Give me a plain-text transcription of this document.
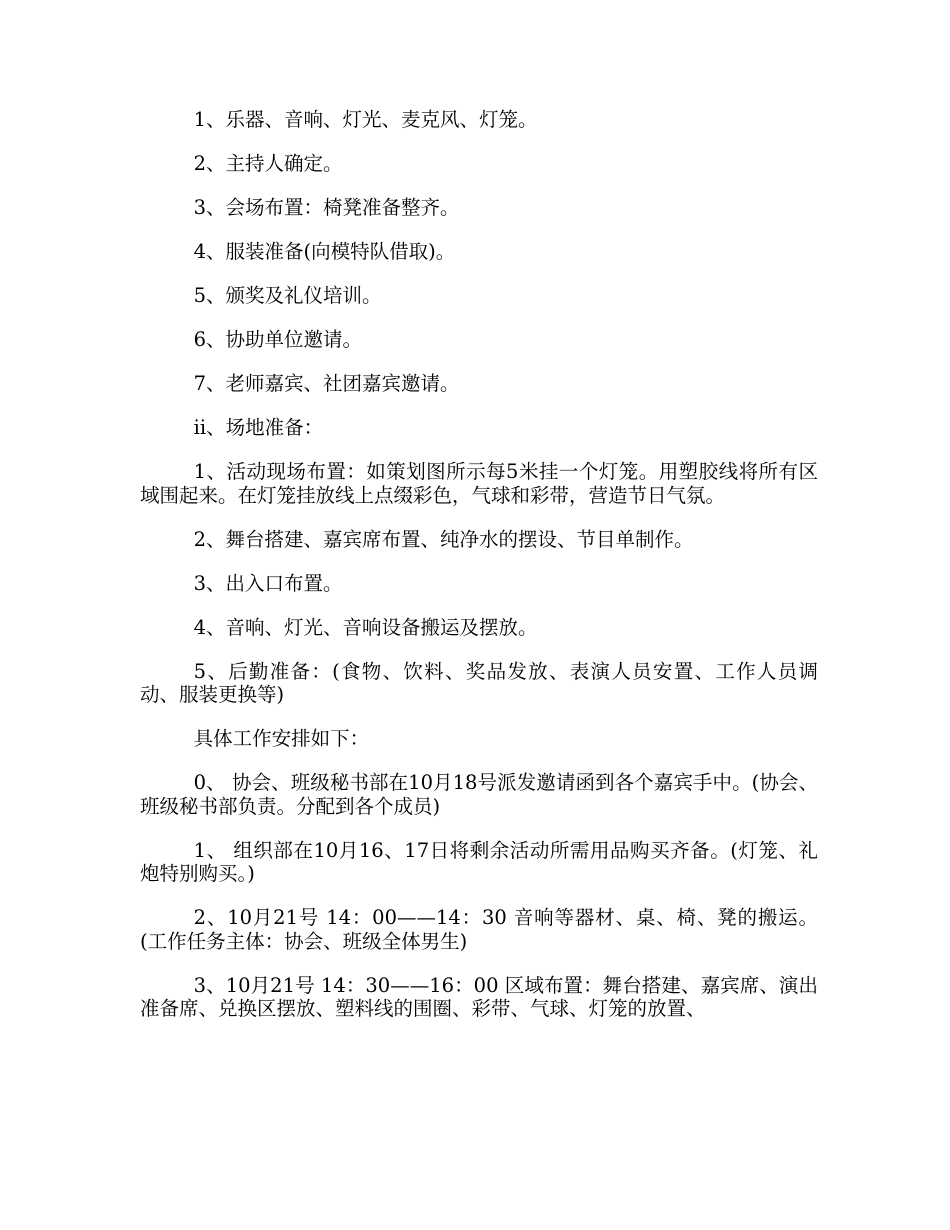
1、乐器、音响、灯光、麦克风、灯笼。

2、主持人确定。

3、会场布置：椅凳准备整齐。

4、服装准备(向模特队借取)。

5、颁奖及礼仪培训。

6、协助单位邀请。

7、老师嘉宾、社团嘉宾邀请。

ii、场地准备：

1、活动现场布置：如策划图所示每5米挂一个灯笼。用塑胶线将所有区域围起来。在灯笼挂放线上点缀彩色，气球和彩带，营造节日气氛。

2、舞台搭建、嘉宾席布置、纯净水的摆设、节目单制作。

3、出入口布置。

4、音响、灯光、音响设备搬运及摆放。

5、后勤准备：(食物、饮料、奖品发放、表演人员安置、工作人员调动、服装更换等)

具体工作安排如下：

0、 协会、班级秘书部在10月18号派发邀请函到各个嘉宾手中。(协会、班级秘书部负责。分配到各个成员)

1、 组织部在10月16、17日将剩余活动所需用品购买齐备。(灯笼、礼炮特别购买。)

2、10月21号 14：00——14：30 音响等器材、桌、椅、凳的搬运。(工作任务主体：协会、班级全体男生)

3、10月21号 14：30——16：00 区域布置：舞台搭建、嘉宾席、演出准备席、兑换区摆放、塑料线的围圈、彩带、气球、灯笼的放置、
